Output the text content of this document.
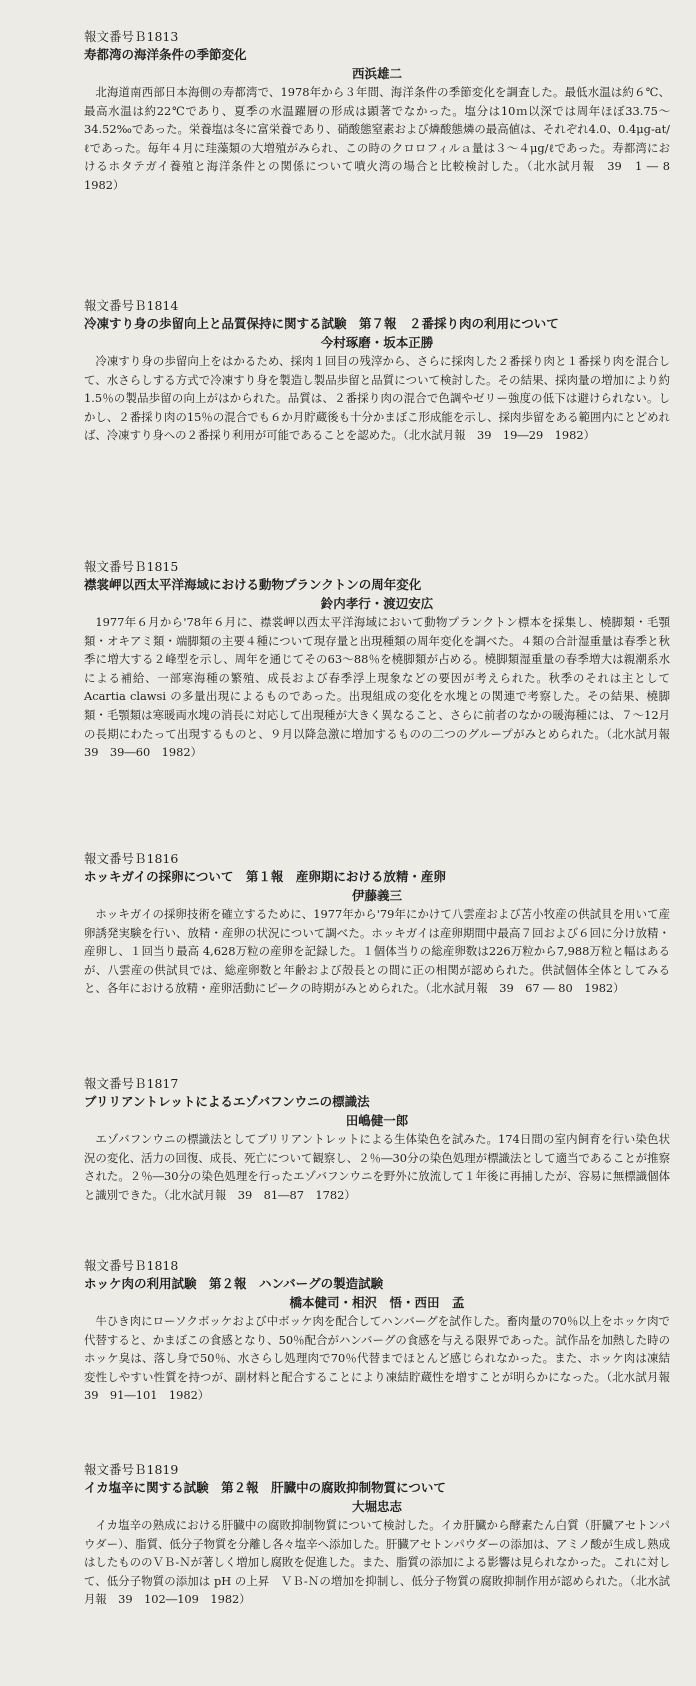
報文番号Ｂ1813
寿都湾の海洋条件の季節変化
西浜雄二

北海道南西部日本海側の寿都湾で、1978年から３年間、海洋条件の季節変化を調査した。最低水温は約６℃、最高水温は約22℃であり、夏季の水温躍層の形成は顕著でなかった。塩分は10ｍ以深では周年ほぼ33.75～34.52‰であった。栄養塩は冬に富栄養であり、硝酸態窒素および燐酸態燐の最高値は、それぞれ4.0、0.4μg-at/ℓであった。毎年４月に珪藻類の大増殖がみられ、この時のクロロフィルａ量は３～４μg/ℓであった。寿都湾におけるホタテガイ養殖と海洋条件との関係について噴火湾の場合と比較検討した。（北水試月報　39　1 ― 8　1982）

報文番号Ｂ1814
冷凍すり身の歩留向上と品質保持に関する試験　第７報　２番採り肉の利用について
今村琢磨・坂本正勝

冷凍すり身の歩留向上をはかるため、採肉１回目の残滓から、さらに採肉した２番採り肉と１番採り肉を混合して、水さらしする方式で冷凍すり身を製造し製品歩留と品質について検討した。その結果、採肉量の増加により約1.5％の製品歩留の向上がはかられた。品質は、２番採り肉の混合で色調やゼリー強度の低下は避けられない。しかし、２番採り肉の15％の混合でも６か月貯蔵後も十分かまぼこ形成能を示し、採肉歩留をある範囲内にとどめれば、冷凍すり身への２番採り利用が可能であることを認めた。（北水試月報　39　19―29　1982）

報文番号Ｂ1815
襟裳岬以西太平洋海域における動物プランクトンの周年変化
鈴内孝行・渡辺安広

1977年６月から'78年６月に、襟裳岬以西太平洋海域において動物プランクトン標本を採集し、橈脚類・毛顎類・オキアミ類・端脚類の主要４種について現存量と出現種類の周年変化を調べた。４類の合計湿重量は春季と秋季に増大する２峰型を示し、周年を通じてその63～88％を橈脚類が占める。橈脚類湿重量の春季増大は親潮系水による補給、一部寒海種の繁殖、成長および春季浮上現象などの要因が考えられた。秋季のそれは主として Acartia clawsi の多量出現によるものであった。出現組成の変化を水塊との関連で考察した。その結果、橈脚類・毛顎類は寒暖両水塊の消長に対応して出現種が大きく異なること、さらに前者のなかの暖海種には、７～12月の長期にわたって出現するものと、９月以降急激に増加するものの二つのグループがみとめられた。（北水試月報　39　39―60　1982）

報文番号Ｂ1816
ホッキガイの採卵について　第１報　産卵期における放精・産卵
伊藤義三

ホッキガイの採卵技術を確立するために、1977年から'79年にかけて八雲産および苫小牧産の供試貝を用いて産卵誘発実験を行い、放精・産卵の状況について調べた。ホッキガイは産卵期間中最高７回および６回に分け放精・産卵し、１回当り最高 4,628万粒の産卵を記録した。１個体当りの総産卵数は226万粒から7,988万粒と幅はあるが、八雲産の供試貝では、総産卵数と年齢および殻長との間に正の相関が認められた。供試個体全体としてみると、各年における放精・産卵活動にピークの時期がみとめられた。（北水試月報　39　67 ― 80　1982）

報文番号Ｂ1817
ブリリアントレットによるエゾバフンウニの標識法
田嶋健一郎

エゾバフンウニの標識法としてブリリアントレットによる生体染色を試みた。174日間の室内飼育を行い染色状況の変化、活力の回復、成長、死亡について観察し、２％―30分の染色処理が標識法として適当であることが推察された。２％―30分の染色処理を行ったエゾバフンウニを野外に放流して１年後に再捕したが、容易に無標識個体と識別できた。（北水試月報　39　81―87　1782）

報文番号Ｂ1818
ホッケ肉の利用試験　第２報　ハンバーグの製造試験
橋本健司・相沢　悟・西田　孟

牛ひき肉にローソクボッケおよび中ボッケ肉を配合してハンバーグを試作した。畜肉量の70％以上をホッケ肉で代替すると、かまぼこの食感となり、50％配合がハンバーグの食感を与える限界であった。試作品を加熱した時のホッケ臭は、落し身で50％、水さらし処理肉で70％代替までほとんど感じられなかった。また、ホッケ肉は凍結変性しやすい性質を持つが、副材料と配合することにより凍結貯蔵性を増すことが明らかになった。（北水試月報　39　91―101　1982）

報文番号Ｂ1819
イカ塩辛に関する試験　第２報　肝臓中の腐敗抑制物質について
大堀忠志

イカ塩辛の熟成における肝臓中の腐敗抑制物質について検討した。イカ肝臓から酵素たん白質（肝臓アセトンパウダー）、脂質、低分子物質を分離し各々塩辛へ添加した。肝臓アセトンパウダーの添加は、アミノ酸が生成し熟成はしたもののＶＢ-Ｎが著しく増加し腐敗を促進した。また、脂質の添加による影響は見られなかった。これに対して、低分子物質の添加は pH の上昇　ＶＢ-Ｎの増加を抑制し、低分子物質の腐敗抑制作用が認められた。（北水試月報　39　102―109　1982）
